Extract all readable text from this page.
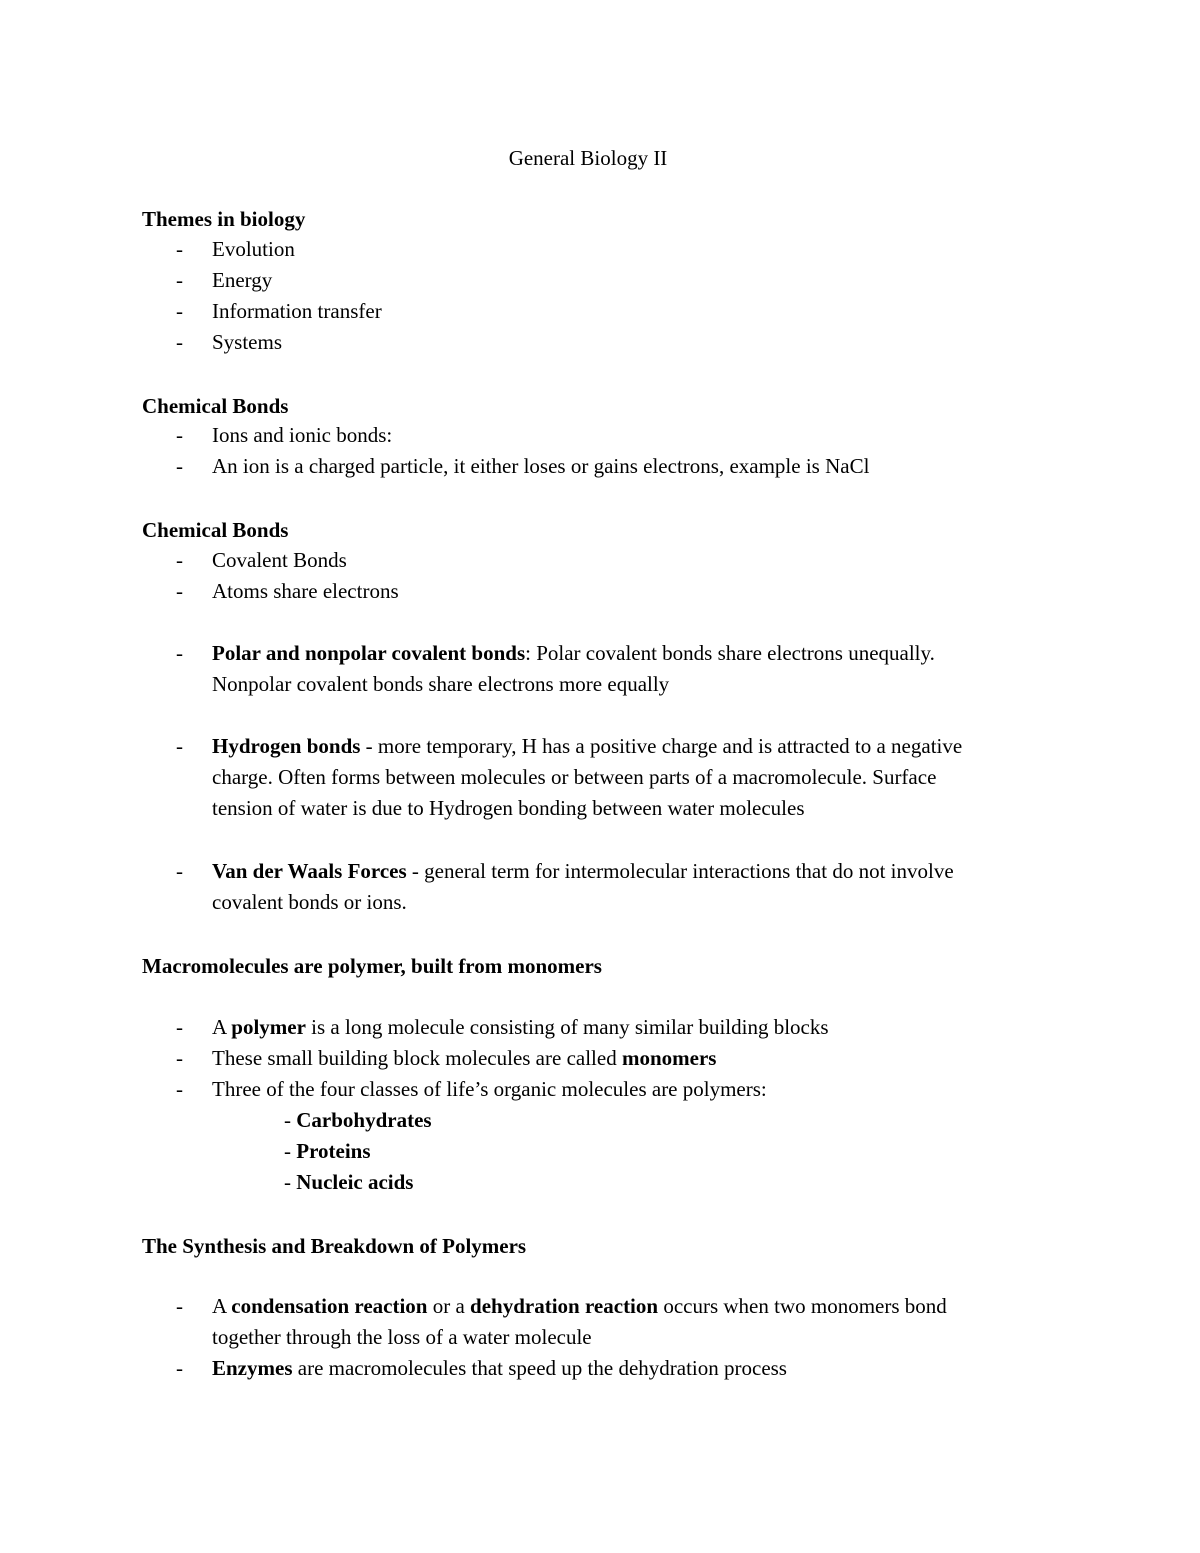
General Biology II
Themes in biology
- Evolution
- Energy
- Information transfer
- Systems
Chemical Bonds
- Ions and ionic bonds:
- An ion is a charged particle, it either loses or gains electrons, example is NaCl
Chemical Bonds
- Covalent Bonds
- Atoms share electrons
- Polar and nonpolar covalent bonds: Polar covalent bonds share electrons unequally.
Nonpolar covalent bonds share electrons more equally
- Hydrogen bonds - more temporary, H has a positive charge and is attracted to a negative
charge. Often forms between molecules or between parts of a macromolecule. Surface
tension of water is due to Hydrogen bonding between water molecules
- Van der Waals Forces - general term for intermolecular interactions that do not involve
covalent bonds or ions.
Macromolecules are polymer, built from monomers
- A polymer is a long molecule consisting of many similar building blocks
- These small building block molecules are called monomers
- Three of the four classes of life’s organic molecules are polymers:
- Carbohydrates
- Proteins
- Nucleic acids
The Synthesis and Breakdown of Polymers
- A condensation reaction or a dehydration reaction occurs when two monomers bond
together through the loss of a water molecule
- Enzymes are macromolecules that speed up the dehydration process
